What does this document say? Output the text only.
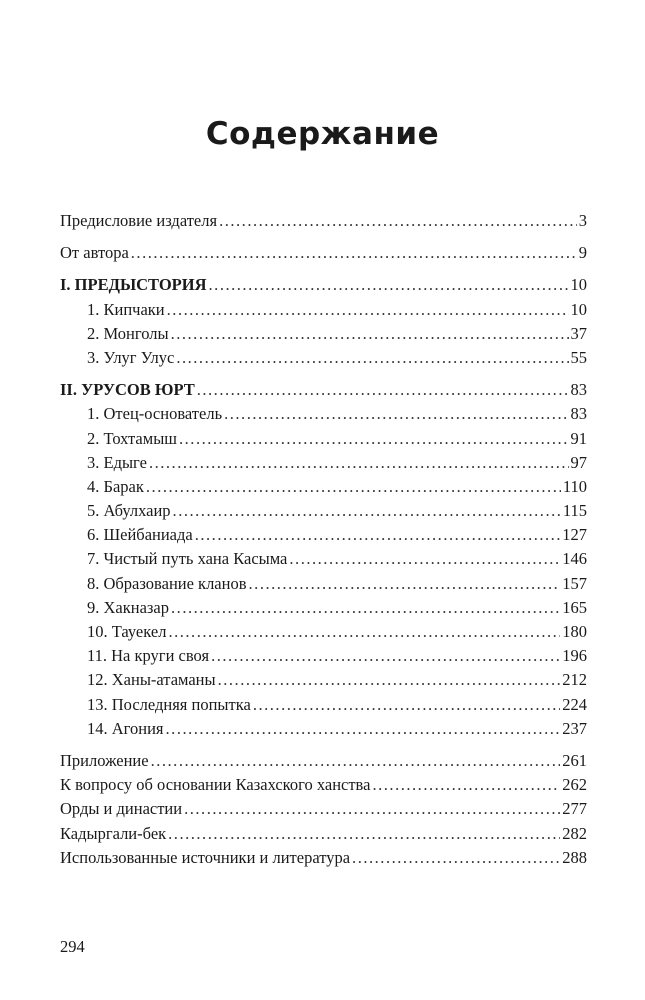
Содержание
Предисловие издателя . . .	3
От автора . . .	9
I. ПРЕДЫСТОРИЯ . . .	10
1. Кипчаки . . .	10
2. Монголы . . .	37
3. Улуг Улус . . .	55
II. УРУСОВ ЮРТ . . .	83
1. Отец-основатель . . .	83
2. Тохтамыш . . .	91
3. Едыге . . .	97
4. Барак . . .	110
5. Абулхаир . . .	115
6. Шейбаниада . . .	127
7. Чистый путь хана Касыма . . .	146
8. Образование кланов . . .	157
9. Хакназар . . .	165
10. Тауекел . . .	180
11. На круги своя . . .	196
12. Ханы-атаманы . . .	212
13. Последняя попытка . . .	224
14. Агония . . .	237
Приложение . . .	261
К вопросу об основании Казахского ханства . . .	262
Орды и династии . . .	277
Кадыргали-бек . . .	282
Использованные источники и литература . . .	288
294
